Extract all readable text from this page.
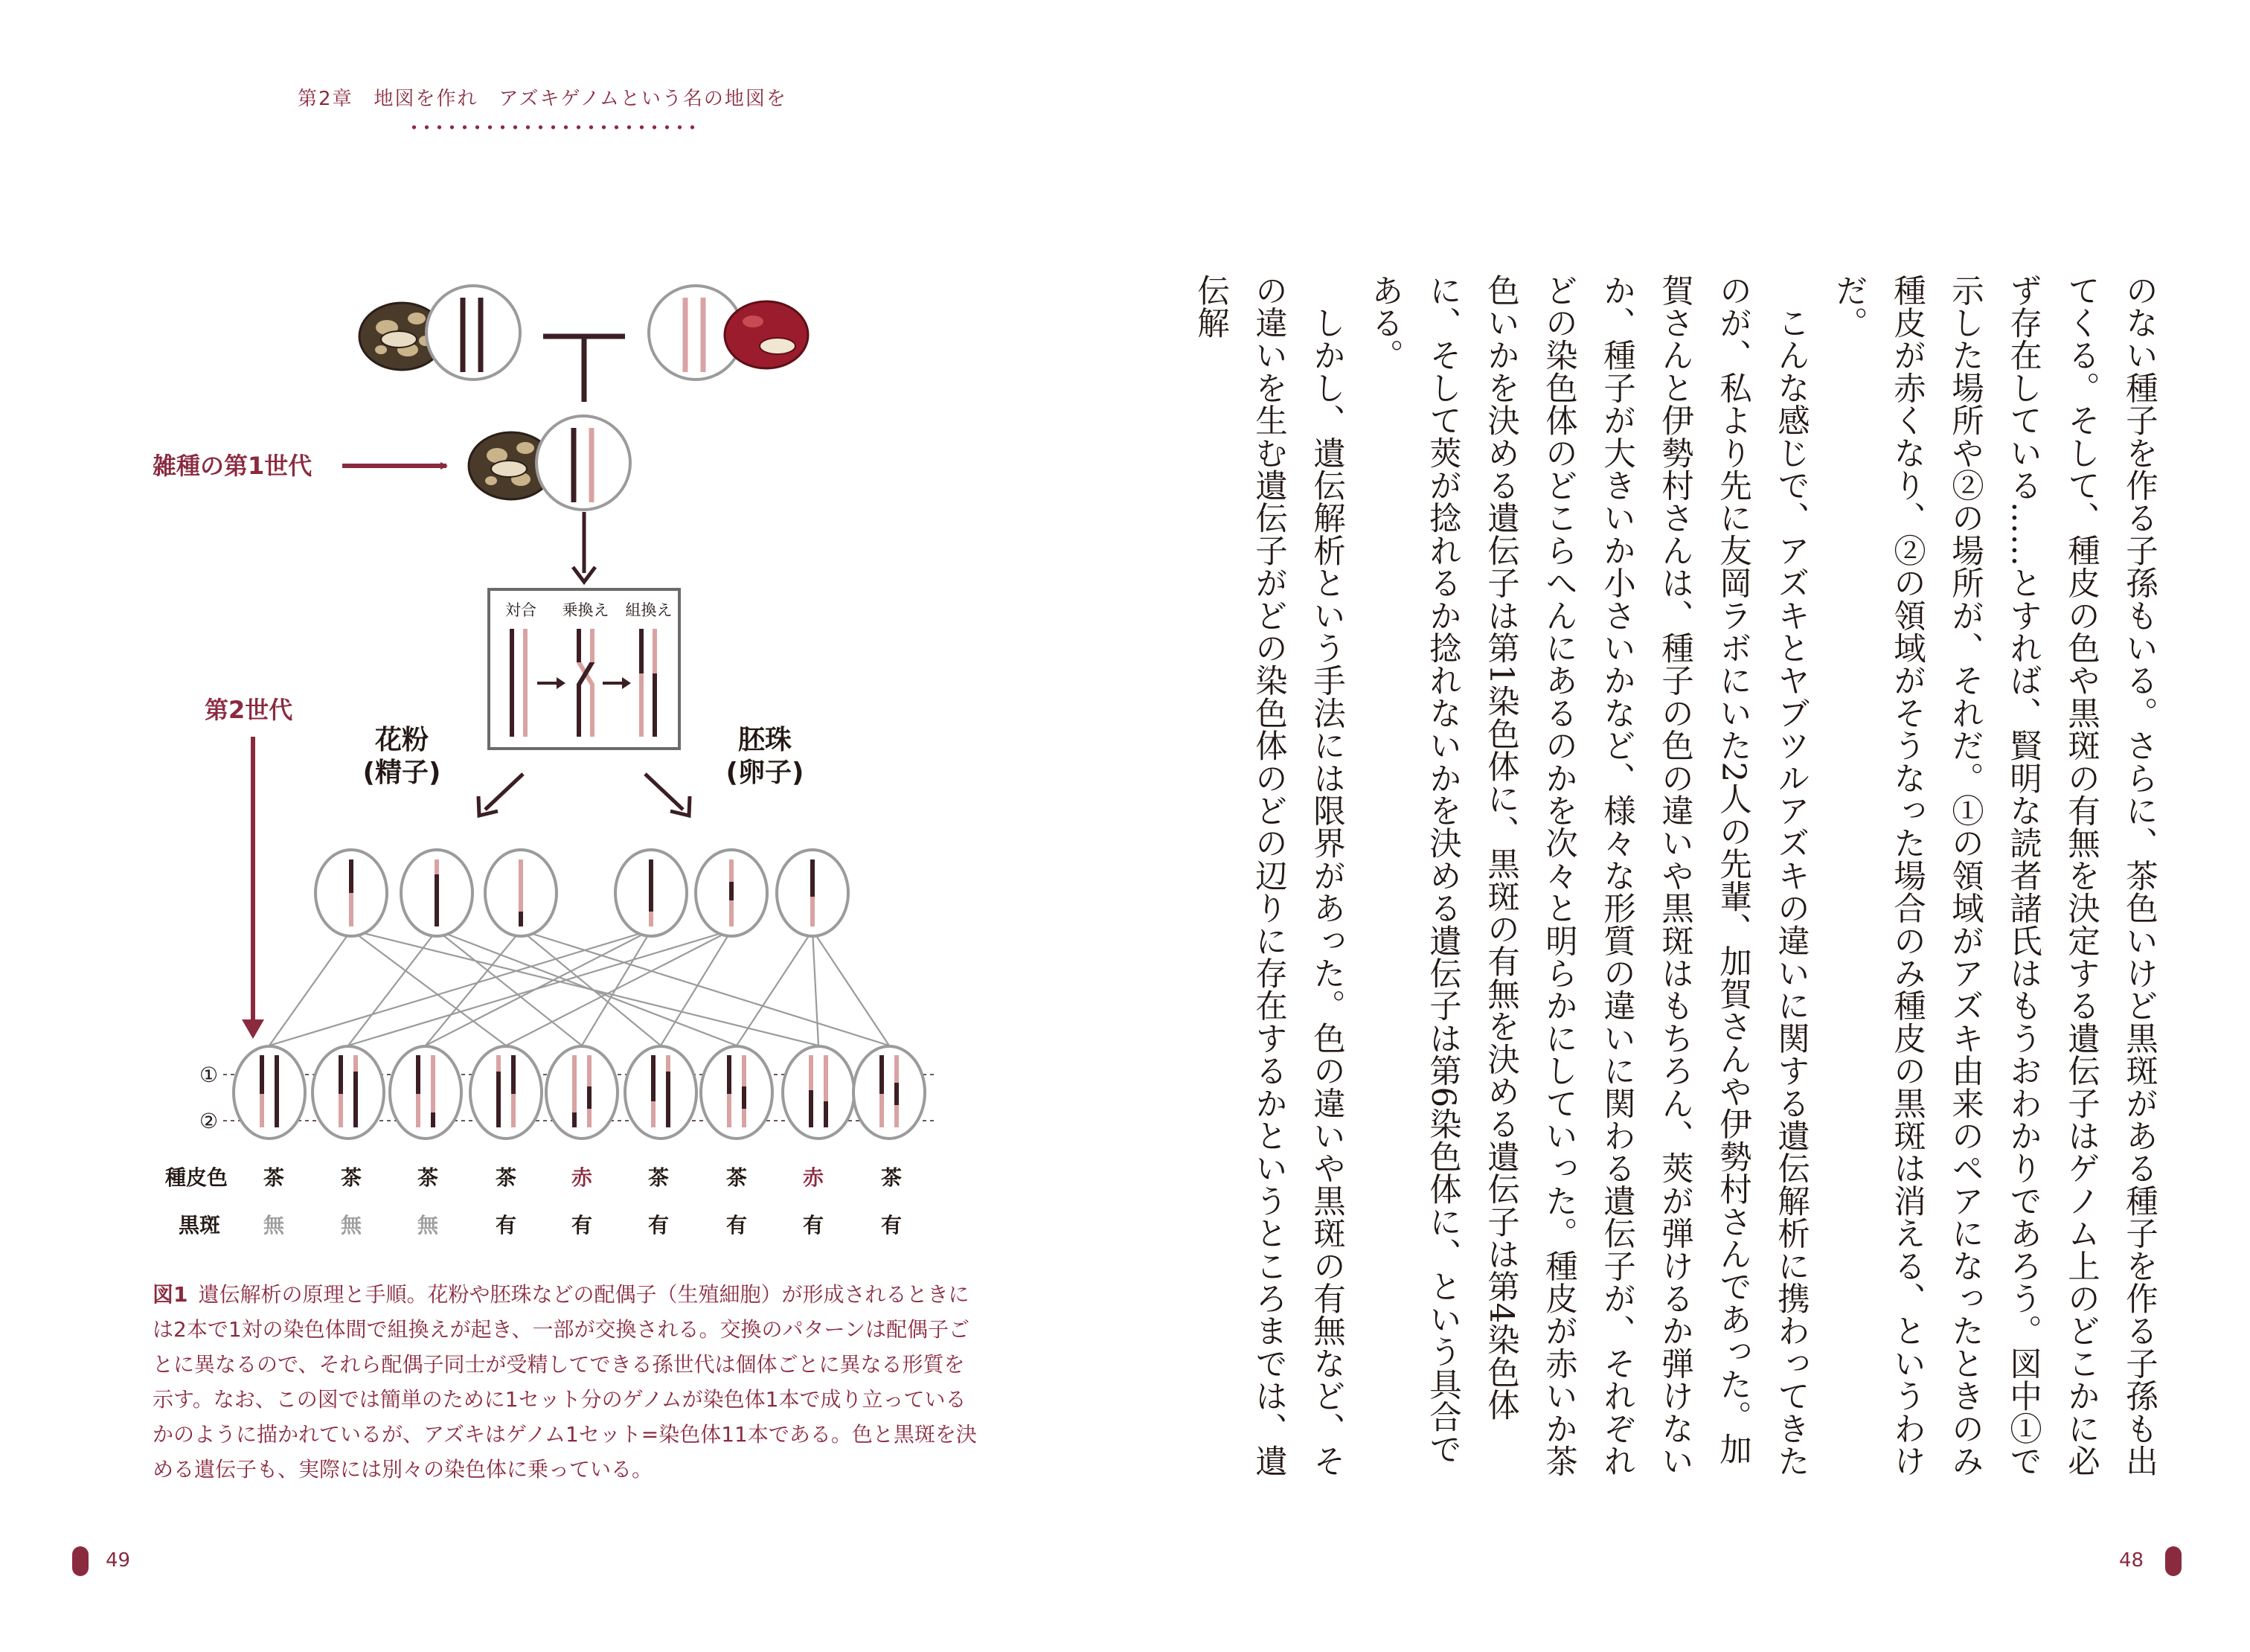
第2章　地図を作れ　アズキゲノムという名の地図を
雑種の第1世代
対合 乗換え 組換え
花粉
(精子)
胚珠
(卵子)
第2世代
①
②
種皮色
黒斑
茶	茶	茶	茶	赤	茶	茶	赤	茶
無	無	無	有	有	有	有	有	有
図1 遺伝解析の原理と手順。花粉や胚珠などの配偶子（生殖細胞）が形成されるときには2本で1対の染色体間で組換えが起き、一部が交換される。交換のパターンは配偶子ごとに異なるので、それら配偶子同士が受精してできる孫世代は個体ごとに異なる形質を示す。なお、この図では簡単のために1セット分のゲノムが染色体1本で成り立っているかのように描かれているが、アズキはゲノム1セット=染色体11本である。色と黒斑を決める遺伝子も、実際には別々の染色体に乗っている。	のない種子を作る子孫もいる。さらに、茶色いけど黒斑がある種子を作る子孫も出てくる。そして、種皮の色や黒斑の有無を決定する遺伝子はゲノム上のどこかに必ず存在している……とすれば、賢明な読者諸氏はもうおわかりであろう。図中①で示した場所や②の場所が、それだ。①の領域がアズキ由来のペアになったときのみ種皮が赤くなり、②の領域がそうなった場合のみ種皮の黒斑は消える、というわけだ。

　こんな感じで、アズキとヤブツルアズキの違いに関する遺伝解析に携わってきたのが、私より先に友岡ラボにいた2人の先輩、加賀さんや伊勢村さんであった。加賀さんと伊勢村さんは、種子の色の違いや黒斑はもちろん、莢が弾けるか弾けないか、種子が大きいか小さいかなど、様々な形質の違いに関わる遺伝子が、それぞれどの染色体のどこらへんにあるのかを次々と明らかにしていった。種皮が赤いか茶色いかを決める遺伝子は第1染色体に、黒斑の有無を決める遺伝子は第4染色体に、そして莢が捻れるか捻れないかを決める遺伝子は第6染色体に、という具合である。

　しかし、遺伝解析という手法には限界があった。色の違いや黒斑の有無など、その違いを生む遺伝子がどの染色体のどの辺りに存在するかというところまでは、遺伝解

49	48
